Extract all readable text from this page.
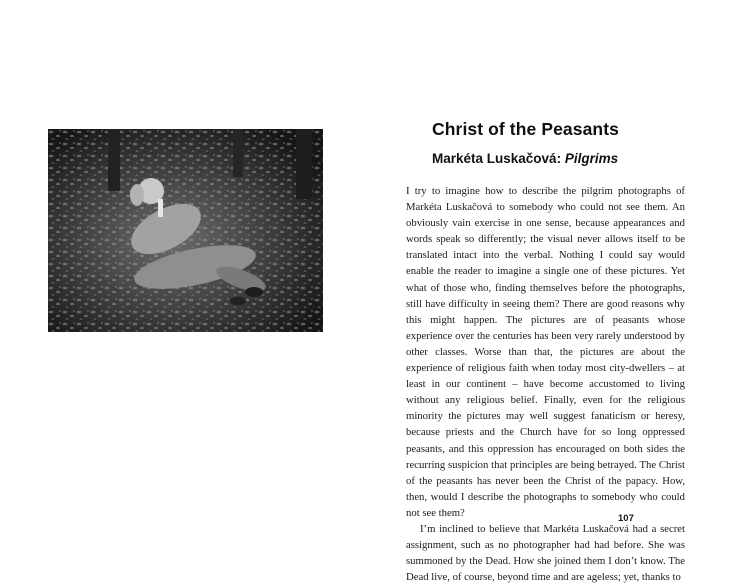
Christ of the Peasants
Markéta Luskačová: Pilgrims

I try to imagine how to describe the pilgrim photographs of Markéta Luskačová to somebody who could not see them. An obviously vain exercise in one sense, because appearances and words speak so differently; the visual never allows itself to be translated intact into the verbal. Nothing I could say would enable the reader to imagine a single one of these pictures. Yet what of those who, finding themselves before the photographs, still have difficulty in seeing them? There are good reasons why this might happen. The pictures are of peasants whose experience over the centuries has been very rarely understood by other classes. Worse than that, the pictures are about the experience of religious faith when today most city-dwellers – at least in our continent – have become accustomed to living without any religious belief. Finally, even for the religious minority the pictures may well suggest fanaticism or heresy, because priests and the Church have for so long oppressed peasants, and this oppression has encouraged on both sides the recurring suspicion that principles are being betrayed. The Christ of the peasants has never been the Christ of the papacy. How, then, would I describe the photographs to somebody who could not see them?

I’m inclined to believe that Markéta Luskačová had a secret assignment, such as no photographer had had before. She was summoned by the Dead. How she joined them I don’t know. The Dead live, of course, beyond time and are ageless; yet, thanks to

107
